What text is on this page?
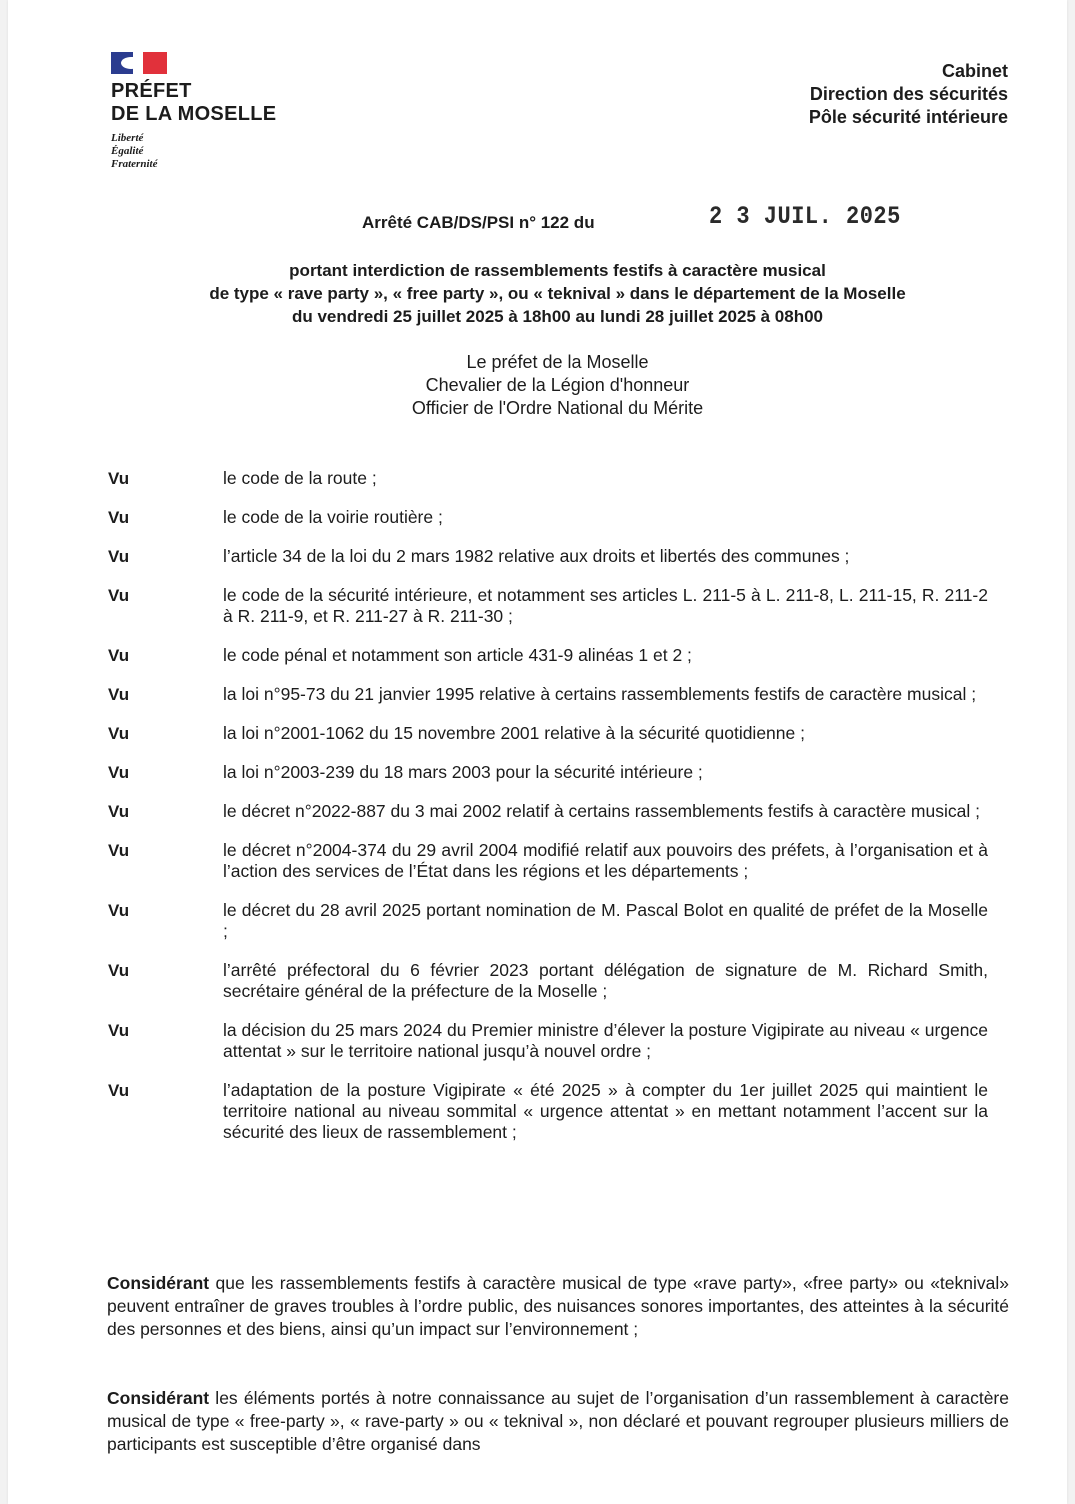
PRÉFET
DE LA MOSELLE
Liberté
Égalité
Fraternité
Cabinet
Direction des sécurités
Pôle sécurité intérieure
Arrêté CAB/DS/PSI n° 122 du	2 3 JUIL. 2025
portant interdiction de rassemblements festifs à caractère musical
de type « rave party », « free party », ou « teknival » dans le département de la Moselle
du vendredi 25 juillet 2025 à 18h00 au lundi 28 juillet 2025 à 08h00
Le préfet de la Moselle
Chevalier de la Légion d'honneur
Officier de l'Ordre National du Mérite
Vu	le code de la route ;
Vu	le code de la voirie routière ;
Vu	l’article 34 de la loi du 2 mars 1982 relative aux droits et libertés des communes ;
Vu	le code de la sécurité intérieure, et notamment ses articles L. 211-5 à L. 211-8, L. 211-15, R. 211-2 à R. 211-9, et R. 211-27 à R. 211-30 ;
Vu	le code pénal et notamment son article 431-9 alinéas 1 et 2 ;
Vu	la loi n°95-73 du 21 janvier 1995 relative à certains rassemblements festifs de caractère musical ;
Vu	la loi n°2001-1062 du 15 novembre 2001 relative à la sécurité quotidienne ;
Vu	la loi n°2003-239 du 18 mars 2003 pour la sécurité intérieure ;
Vu	le décret n°2022-887 du 3 mai 2002 relatif à certains rassemblements festifs à caractère musical ;
Vu	le décret n°2004-374 du 29 avril 2004 modifié relatif aux pouvoirs des préfets, à l’organisation et à l’action des services de l’État dans les régions et les départements ;
Vu	le décret du 28 avril 2025 portant nomination de M. Pascal Bolot en qualité de préfet de la Moselle ;
Vu	l’arrêté préfectoral du 6 février 2023 portant délégation de signature de M. Richard Smith, secrétaire général de la préfecture de la Moselle ;
Vu	la décision du 25 mars 2024 du Premier ministre d’élever la posture Vigipirate au niveau « urgence attentat » sur le territoire national jusqu’à nouvel ordre ;
Vu	l’adaptation de la posture Vigipirate « été 2025 » à compter du 1er juillet 2025 qui maintient le territoire national au niveau sommital « urgence attentat » en mettant notamment l’accent sur la sécurité des lieux de rassemblement ;
Considérant que les rassemblements festifs à caractère musical de type «rave party», «free party» ou «teknival» peuvent entraîner de graves troubles à l’ordre public, des nuisances sonores importantes, des atteintes à la sécurité des personnes et des biens, ainsi qu’un impact sur l’environnement ;
Considérant les éléments portés à notre connaissance au sujet de l’organisation d’un rassemblement à caractère musical de type « free-party », « rave-party » ou « teknival », non déclaré et pouvant regrouper plusieurs milliers de participants est susceptible d’être organisé dans
